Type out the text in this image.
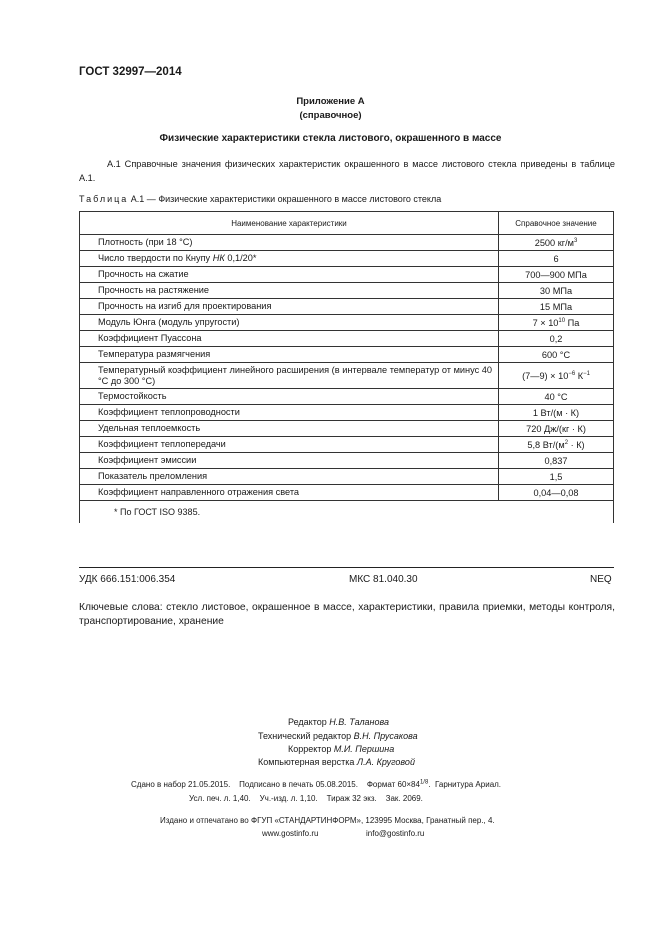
ГОСТ 32997—2014
Приложение А
(справочное)
Физические характеристики стекла листового, окрашенного в массе
А.1 Справочные значения физических характеристик окрашенного в массе листового стекла приведены в таблице А.1.
Таблица А.1 — Физические характеристики окрашенного в массе листового стекла
Наименование характеристики	Справочное значение
Плотность (при 18 °С)	2500 $кг/м^3$
Число твердости по Кнупу НК 0,1/20*	6
Прочность на сжатие	700—900 МПа
Прочность на растяжение	30 МПа
Прочность на изгиб для проектирования	15 МПа
Модуль Юнга (модуль упругости)	$7 \times 10^{10}$ Па
Коэффициент Пуассона	0,2
Температура размягчения	600 °С
Температурный коэффициент линейного расширения (в интервале температур от минус 40 °С до 300 °С)	(7—9) × $10^{-6}$ $К^{-1}$
Термостойкость	40 °С
Коэффициент теплопроводности	1 Вт/(м · К)
Удельная теплоемкость	720 Дж/(кг · К)
Коэффициент теплопередачи	5,8 $Вт/(м^2 \cdot К)$
Коэффициент эмиссии	0,837
Показатель преломления	1,5
Коэффициент направленного отражения света	0,04—0,08
* По ГОСТ ISO 9385.	
УДК 666.151:006.354	МКС 81.040.30	NEQ
Ключевые слова: стекло листовое, окрашенное в массе, характеристики, правила приемки, методы контроля, транспортирование, хранение
Редактор Н.В. Таланова
Технический редактор В.Н. Прусакова
Корректор М.И. Першина
Компьютерная верстка Л.А. Круговой
Сдано в набор 21.05.2015.    Подписано в печать 05.08.2015.    Формат $60\times 84^{1/8}$.  Гарнитура Ариал.
Усл. печ. л. 1,40.    Уч.-изд. л. 1,10.    Тираж 32 экз.    Зак. 2069.
Издано и отпечатано во ФГУП «СТАНДАРТИНФОРМ», 123995 Москва, Гранатный пер., 4.
www.gostinfo.ru	info@gostinfo.ru
